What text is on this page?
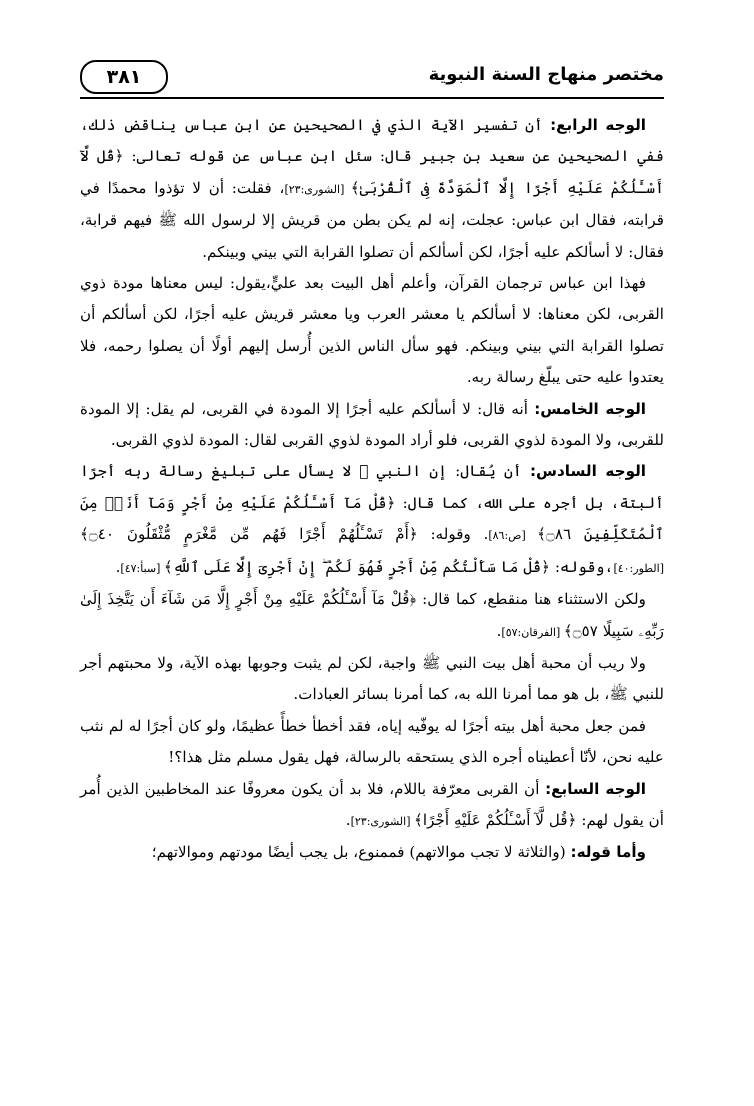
٣٨١	مختصر منهاج السنة النبوية

الوجه الرابع: أن تفسير الآية الذي في الصحيحين عن ابن عباس يناقض ذلك، ففي الصحيحين عن سعيد بن جبير قال: سئل ابن عباس عن قوله تعالى: ﴿قُل لَّآ أَسْـَٔلُكُمْ عَلَيْهِ أَجْرًا إِلَّا ٱلْمَوَدَّةَ فِى ٱلْقُرْبَىٰ﴾ [الشورى:٢٣]، فقلت: أن لا تؤذوا محمدًا في قرابته، فقال ابن عباس: عجلت، إنه لم يكن بطن من قريش إلا لرسول الله ﷺ فيهم قرابة، فقال: لا أسألكم عليه أجرًا، لكن أسألكم أن تصلوا القرابة التي بيني وبينكم.

فهذا ابن عباس ترجمان القرآن، وأعلم أهل البيت بعد عليٍّ،يقول: ليس معناها مودة ذوي القربى، لكن معناها: لا أسألكم يا معشر العرب ويا معشر قريش عليه أجرًا، لكن أسألكم أن تصلوا القرابة التي بيني وبينكم. فهو سأل الناس الذين أُرسل إليهم أولًا أن يصلوا رحمه، فلا يعتدوا عليه حتى يبلّغ رسالة ربه.

الوجه الخامس: أنه قال: لا أسألكم عليه أجرًا إلا المودة في القربى، لم يقل: إلا المودة للقربى، ولا المودة لذوي القربى، فلو أراد المودة لذوي القربى لقال: المودة لذوي القربى.

الوجه السادس: أن يُقال: إن النبي ﷺ لا يسأل على تبليغ رسالة ربه أجرًا ألبتة، بل أجره على الله، كما قال: ﴿قُلْ مَآ أَسْـَٔلُكُمْ عَلَيْهِ مِنْ أَجْرٍ وَمَآ أَنَا۠ مِنَ ٱلْمُتَكَلِّفِينَ ۝٨٦﴾ [ص:٨٦]. وقوله: ﴿أَمْ تَسْـَٔلُهُمْ أَجْرًا فَهُم مِّن مَّغْرَمٍ مُّثْقَلُونَ ۝٤٠﴾ [الطور:٤٠]،وقوله: ﴿قُلْ مَا سَأَلْتُكُم مِّنْ أَجْرٍ فَهُوَ لَكُمْ ۖ إِنْ أَجْرِىَ إِلَّا عَلَى ٱللَّهِ﴾ [سبأ:٤٧].

ولكن الاستثناء هنا منقطع، كما قال: ﴿قُلْ مَآ أَسْـَٔلُكُمْ عَلَيْهِ مِنْ أَجْرٍ إِلَّا مَن شَآءَ أَن يَتَّخِذَ إِلَىٰ رَبِّهِۦ سَبِيلًا ۝٥٧﴾ [الفرقان:٥٧].

ولا ريب أن محبة أهل بيت النبي ﷺ واجبة، لكن لم يثبت وجوبها بهذه الآية، ولا محبتهم أجر للنبي ﷺ، بل هو مما أمرنا الله به، كما أمرنا بسائر العبادات.

فمن جعل محبة أهل بيته أجرًا له يوفّيه إياه، فقد أخطأ خطأً عظيمًا، ولو كان أجرًا له لم نثب عليه نحن، لأنّا أعطيناه أجره الذي يستحقه بالرسالة، فهل يقول مسلم مثل هذا؟!

الوجه السابع: أن القربى معرّفة باللام، فلا بد أن يكون معروفًا عند المخاطبين الذين أُمر أن يقول لهم: ﴿قُل لَّآ أَسْـَٔلُكُمْ عَلَيْهِ أَجْرًا﴾ [الشورى:٢٣].

وأما قوله: (والثلاثة لا تجب موالاتهم) فممنوع، بل يجب أيضًا مودتهم وموالاتهم؛
